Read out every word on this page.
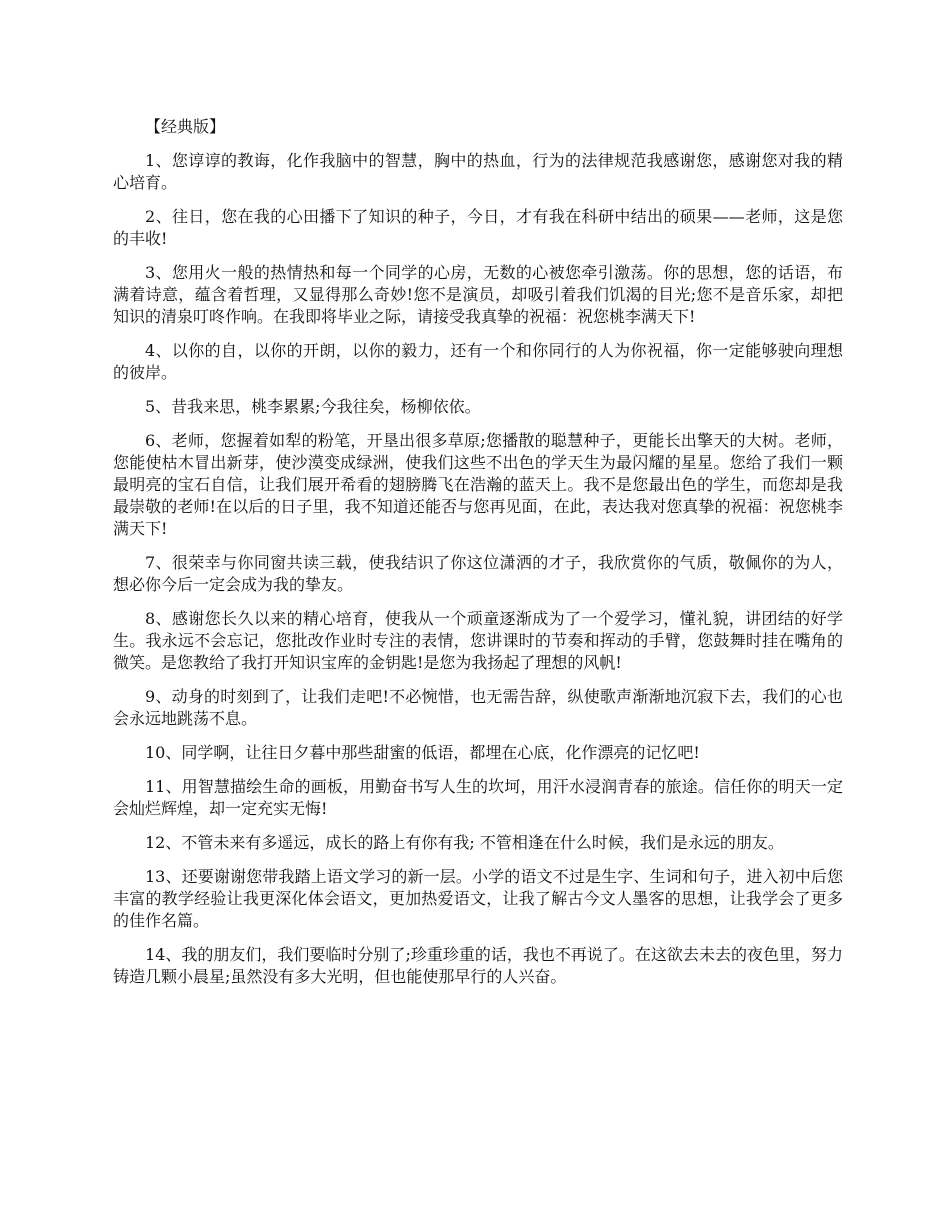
【经典版】

1、您谆谆的教诲，化作我脑中的智慧，胸中的热血，行为的法律规范我感谢您，感谢您对我的精心培育。

2、往日，您在我的心田播下了知识的种子，今日，才有我在科研中结出的硕果——老师，这是您的丰收!

3、您用火一般的热情热和每一个同学的心房，无数的心被您牵引激荡。你的思想，您的话语，布满着诗意，蕴含着哲理，又显得那么奇妙!您不是演员，却吸引着我们饥渴的目光;您不是音乐家，却把知识的清泉叮咚作响。在我即将毕业之际，请接受我真挚的祝福：祝您桃李满天下!

4、以你的自，以你的开朗，以你的毅力，还有一个和你同行的人为你祝福，你一定能够驶向理想的彼岸。

5、昔我来思，桃李累累;今我往矣，杨柳依依。

6、老师，您握着如犁的粉笔，开垦出很多草原;您播散的聪慧种子，更能长出擎天的大树。老师，您能使枯木冒出新芽，使沙漠变成绿洲，使我们这些不出色的学天生为最闪耀的星星。您给了我们一颗最明亮的宝石自信，让我们展开希看的翅膀腾飞在浩瀚的蓝天上。我不是您最出色的学生，而您却是我最崇敬的老师!在以后的日子里，我不知道还能否与您再见面，在此，表达我对您真挚的祝福：祝您桃李满天下!

7、很荣幸与你同窗共读三载，使我结识了你这位潇洒的才子，我欣赏你的气质，敬佩你的为人，想必你今后一定会成为我的挚友。

8、感谢您长久以来的精心培育，使我从一个顽童逐渐成为了一个爱学习，懂礼貌，讲团结的好学生。我永远不会忘记，您批改作业时专注的表情，您讲课时的节奏和挥动的手臂，您鼓舞时挂在嘴角的微笑。是您教给了我打开知识宝库的金钥匙!是您为我扬起了理想的风帆!

9、动身的时刻到了，让我们走吧!不必惋惜，也无需告辞，纵使歌声渐渐地沉寂下去，我们的心也会永远地跳荡不息。

10、同学啊，让往日夕暮中那些甜蜜的低语，都埋在心底，化作漂亮的记忆吧!

11、用智慧描绘生命的画板，用勤奋书写人生的坎坷，用汗水浸润青春的旅途。信任你的明天一定会灿烂辉煌，却一定充实无悔!

12、不管未来有多遥远，成长的路上有你有我; 不管相逢在什么时候，我们是永远的朋友。

13、还要谢谢您带我踏上语文学习的新一层。小学的语文不过是生字、生词和句子，进入初中后您丰富的教学经验让我更深化体会语文，更加热爱语文，让我了解古今文人墨客的思想，让我学会了更多的佳作名篇。

14、我的朋友们，我们要临时分别了;珍重珍重的话，我也不再说了。在这欲去未去的夜色里，努力铸造几颗小晨星;虽然没有多大光明，但也能使那早行的人兴奋。
